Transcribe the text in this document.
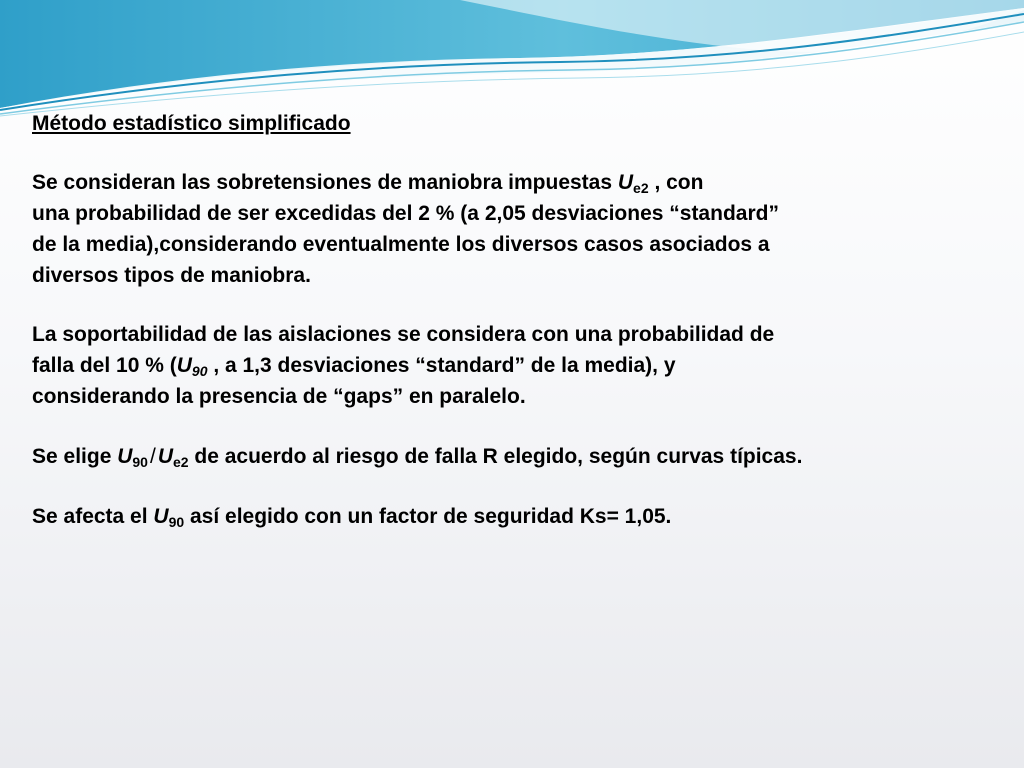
Método estadístico simplificado

Se consideran las sobretensiones de maniobra impuestas $U_{e2}$ , con

una probabilidad de ser excedidas del 2 % (a 2,05 desviaciones “standard”

de la media),considerando eventualmente los diversos casos asociados a

diversos tipos de maniobra.

La soportabilidad de las aislaciones se considera con una probabilidad de

falla del 10 % ($U_{90}$ , a 1,3 desviaciones “standard” de la media), y

considerando la presencia de “gaps” en paralelo.

Se elige $U_{90}/U_{e2}$ de acuerdo al riesgo de falla R elegido, según curvas típicas.

Se afecta el $U_{90}$ así elegido con un factor de seguridad Ks= 1,05.
